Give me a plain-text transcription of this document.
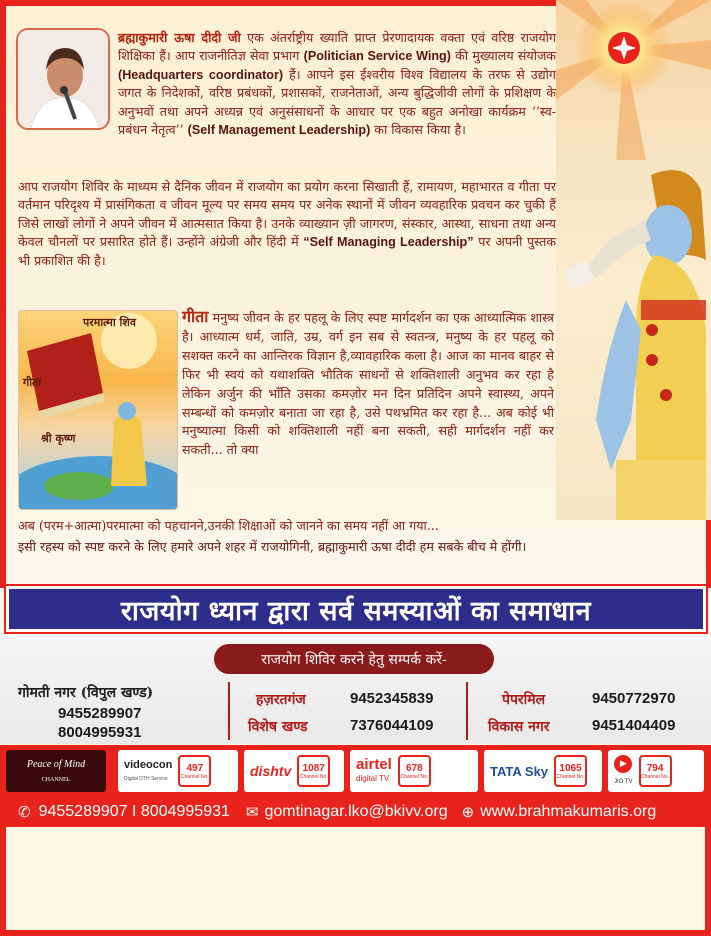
ब्रह्माकुमारी ऊषा दीदी जी एक अंतर्राष्ट्रीय ख्याति प्राप्त प्रेरणादायक वक्ता एवं वरिष्ठ राजयोग शिक्षिका हैं। आप राजनीतिज्ञ सेवा प्रभाग (Politician Service Wing) की मुख्यालय संयोजक (Headquarters coordinator) हैं। आपने इस ईश्वरीय विश्व विद्यालय के तरफ से उद्योग जगत के निदेशकों, वरिष्ठ प्रबंधकों, प्रशासकों, राजनेताओं, अन्य बुद्धिजीवी लोगों के प्रशिक्षण के अनुभवों तथा अपने अध्यन्न एवं अनुसंसाधनों के आधार पर एक बहुत अनोखा कार्यक्रम ‘‘स्व-प्रबंधन नेतृत्व’’ (Self Management Leadership) का विकास किया है।
आप राजयोग शिविर के माध्यम से दैनिक जीवन में राजयोग का प्रयोग करना सिखाती हैं, रामायण, महाभारत व गीता पर वर्तमान परिदृश्य में प्रासंगिकता व जीवन मूल्य पर समय समय पर अनेक स्थानों में जीवन व्यवहारिक प्रवचन कर चुकी हैं जिसे लाखों लोगों ने अपने जीवन में आत्मसात किया है। उनके व्याख्यान ज़ी जागरण, संस्कार, आस्था, साधना तथा अन्य केवल चौनलों पर प्रसारित होते हैं। उन्होंने अंग्रेजी और हिंदी में “Self Managing Leadership” पर अपनी पुस्तक भी प्रकाशित की है।
परमात्मा शिव
गीता
श्री कृष्ण
गीता मनुष्य जीवन के हर पहलू के लिए स्पष्ट मार्गदर्शन का एक आध्यात्मिक शास्त्र है। आध्यात्म धर्म, जाति, उम्र, वर्ग इन सब से स्वतन्त्र, मनुष्य के हर पहलू को सशक्त करने का आन्तिरक विज्ञान है,व्यावहारिक कला है। आज का मानव बाहर से फिर भी स्वयं को यथाशक्ति भौतिक साधनों से शक्तिशाली अनुभव कर रहा है लेकिन अर्जुन की भाँति उसका कमज़ोर मन दिन प्रतिदिन अपने स्वास्थ्य, अपने सम्बन्धों को कमज़ोर बनाता जा रहा है, उसे पथभ्रमित कर रहा है... अब कोई भी मनुष्यात्मा किसी को शक्तिशाली नहीं बना सकती, सही मार्गदर्शन नहीं कर सकती... तो क्या
अब (परम+आत्मा)परमात्मा को पहचानने,उनकी शिक्षाओं को जानने का समय नहीं आ गया...
इसी रहस्य को स्पष्ट करने के लिए हमारे अपने शहर में राजयोगिनी, ब्रह्माकुमारी ऊषा दीदी हम सबके बीच मे होंगी।
राजयोग ध्यान द्वारा सर्व समस्याओं का समाधान
राजयोग शिविर करने हेतु सम्पर्क करें-
गोमती नगर (विपुल खण्ड)
9455289907
8004995931
हज़रतगंज	9452345839
विशेष खण्ड	7376044109
पेपरमिल	9450772970
विकास नगर	9451404409
Peace of Mind
CHANNEL
videocon
Digital DTH Service
497
Channel No.	dishtv 1087
Channel No.
airtel
digital TV
678
Channel No.	TATA Sky 1065
Channel No.
▶
JIO TV
794
Channel No.
✆ 9455289907 I 8004995931 ✉ gomtinagar.lko@bkivv.org ⊕ www.brahmakumaris.org
